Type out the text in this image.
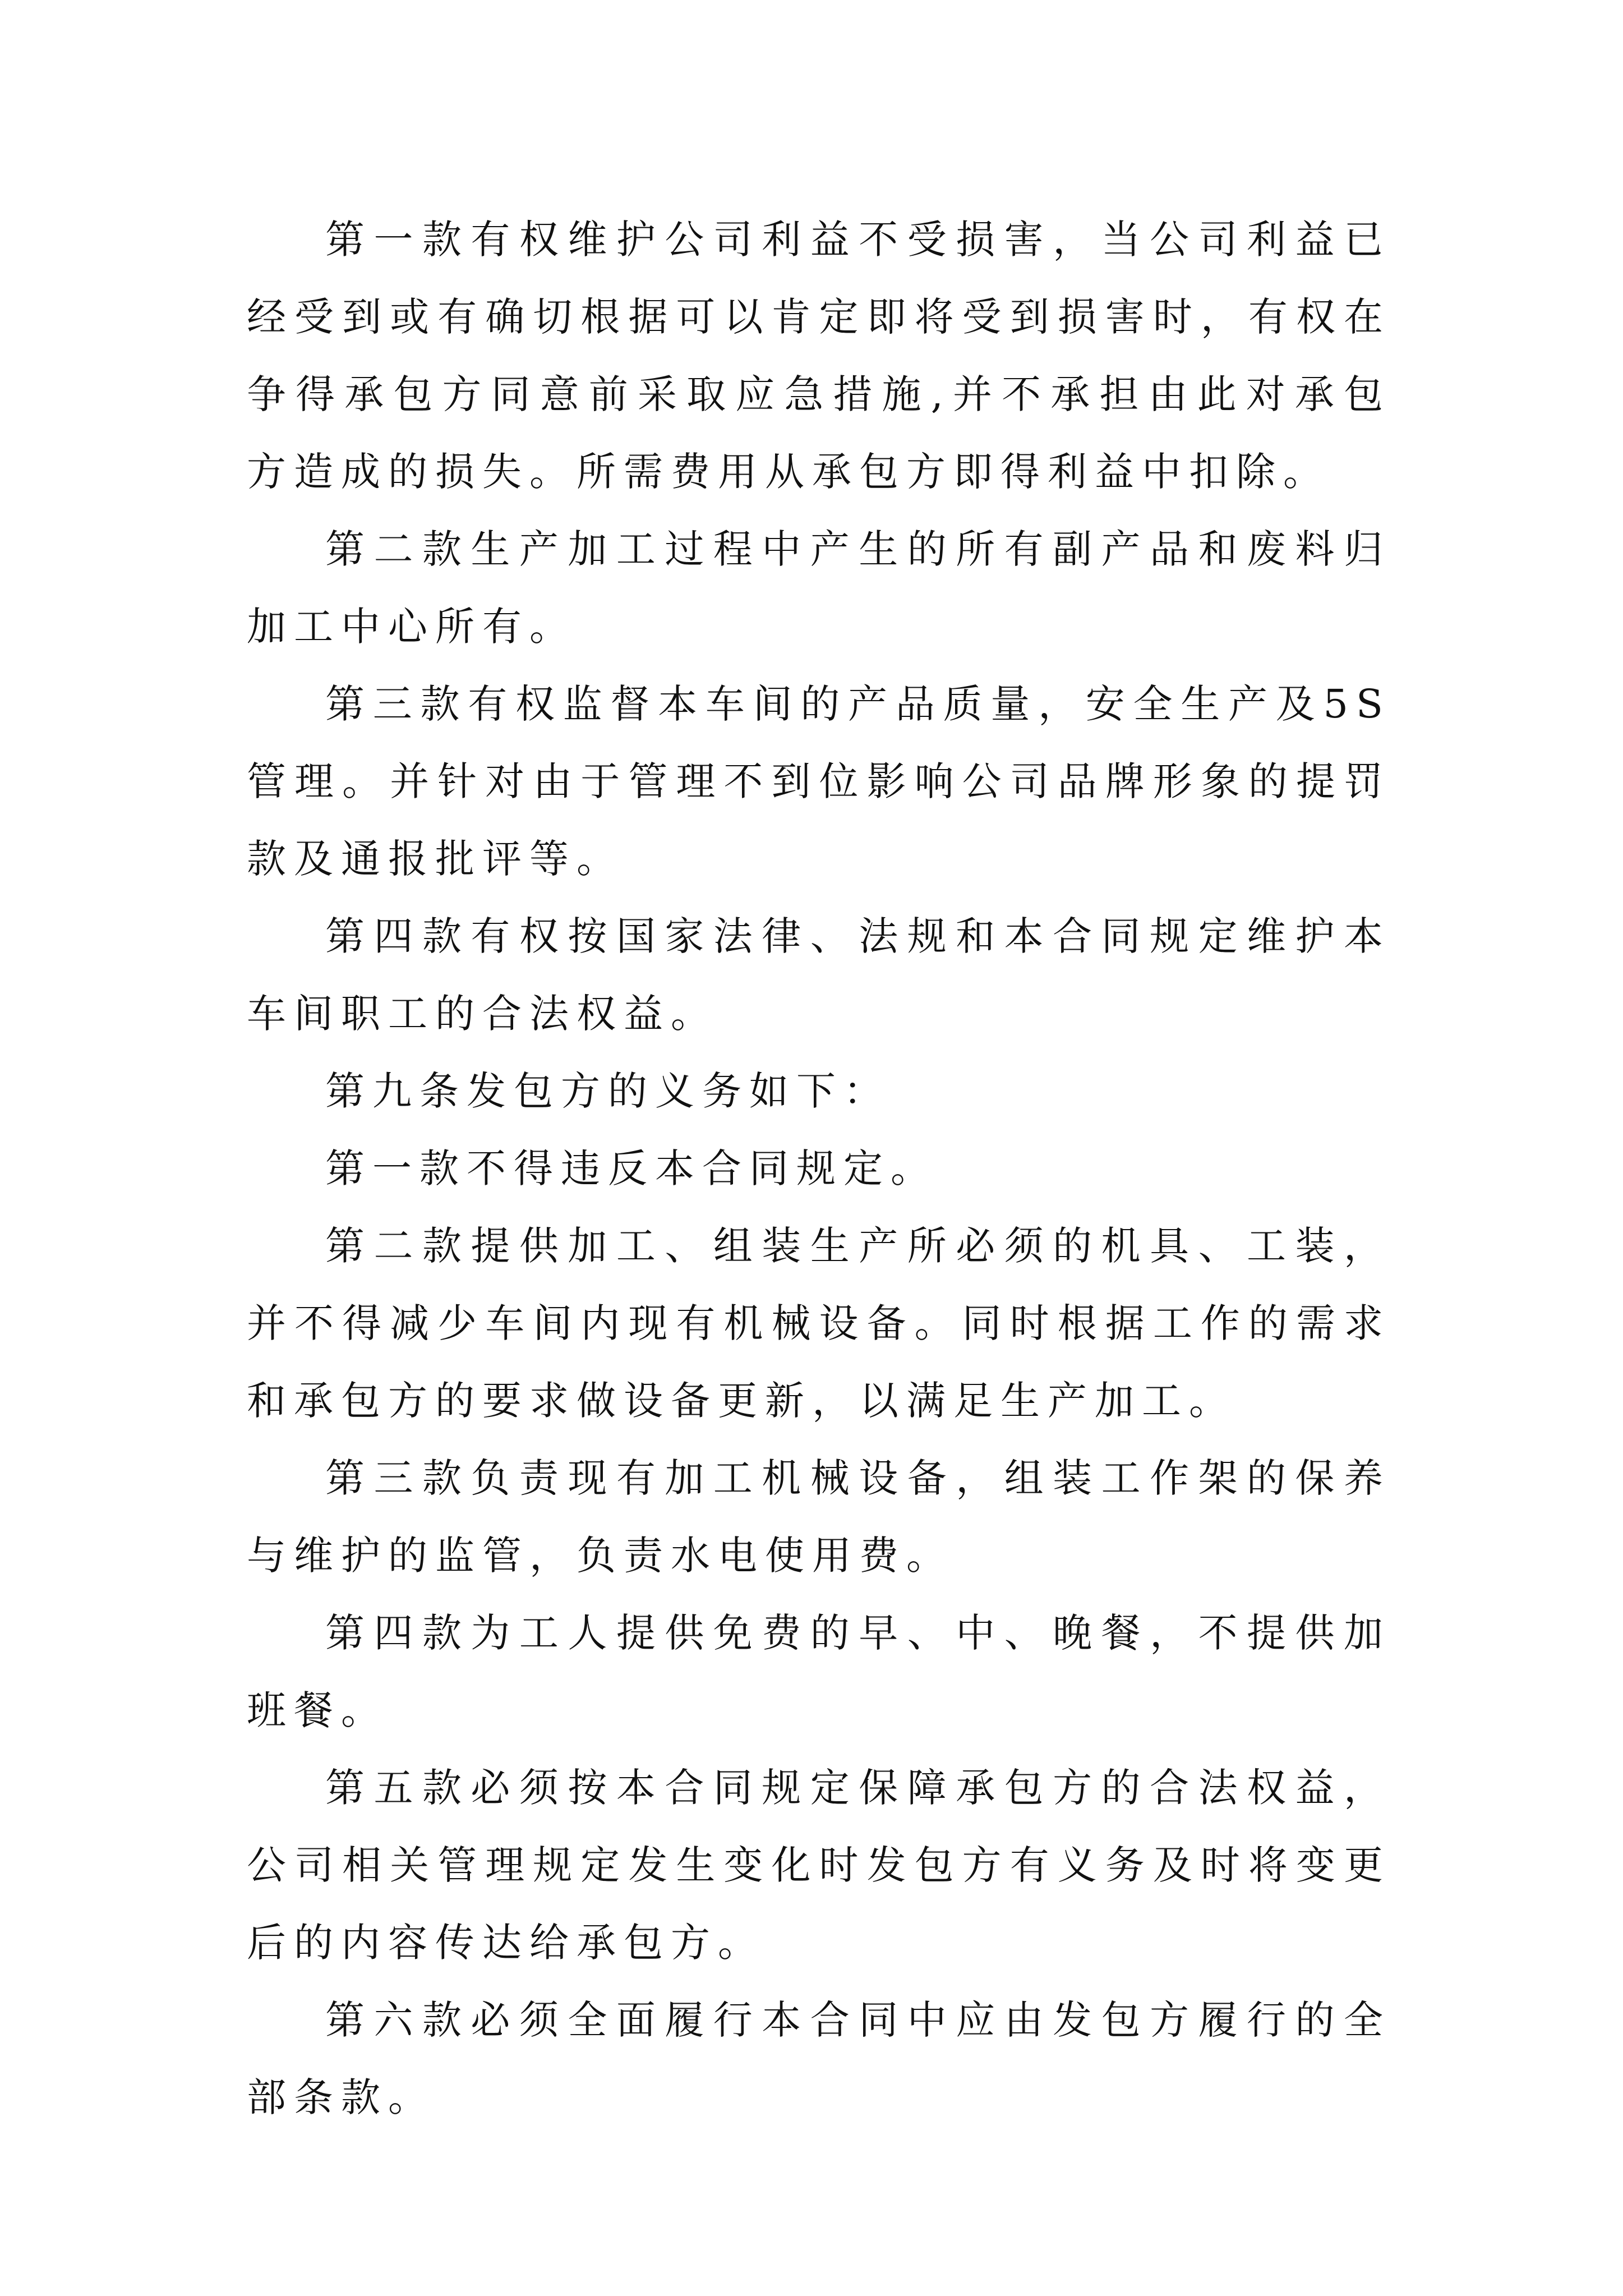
第一款有权维护公司利益不受损害，当公司利益已经受到或有确切根据可以肯定即将受到损害时，有权在争得承包方同意前采取应急措施,并不承担由此对承包方造成的损失。所需费用从承包方即得利益中扣除。

第二款生产加工过程中产生的所有副产品和废料归加工中心所有。

第三款有权监督本车间的产品质量，安全生产及5S管理。并针对由于管理不到位影响公司品牌形象的提罚款及通报批评等。

第四款有权按国家法律、法规和本合同规定维护本车间职工的合法权益。

第九条发包方的义务如下：

第一款不得违反本合同规定。

第二款提供加工、组装生产所必须的机具、工装，并不得减少车间内现有机械设备。同时根据工作的需求和承包方的要求做设备更新，以满足生产加工。

第三款负责现有加工机械设备，组装工作架的保养与维护的监管，负责水电使用费。

第四款为工人提供免费的早、中、晚餐，不提供加班餐。

第五款必须按本合同规定保障承包方的合法权益，公司相关管理规定发生变化时发包方有义务及时将变更后的内容传达给承包方。

第六款必须全面履行本合同中应由发包方履行的全部条款。
